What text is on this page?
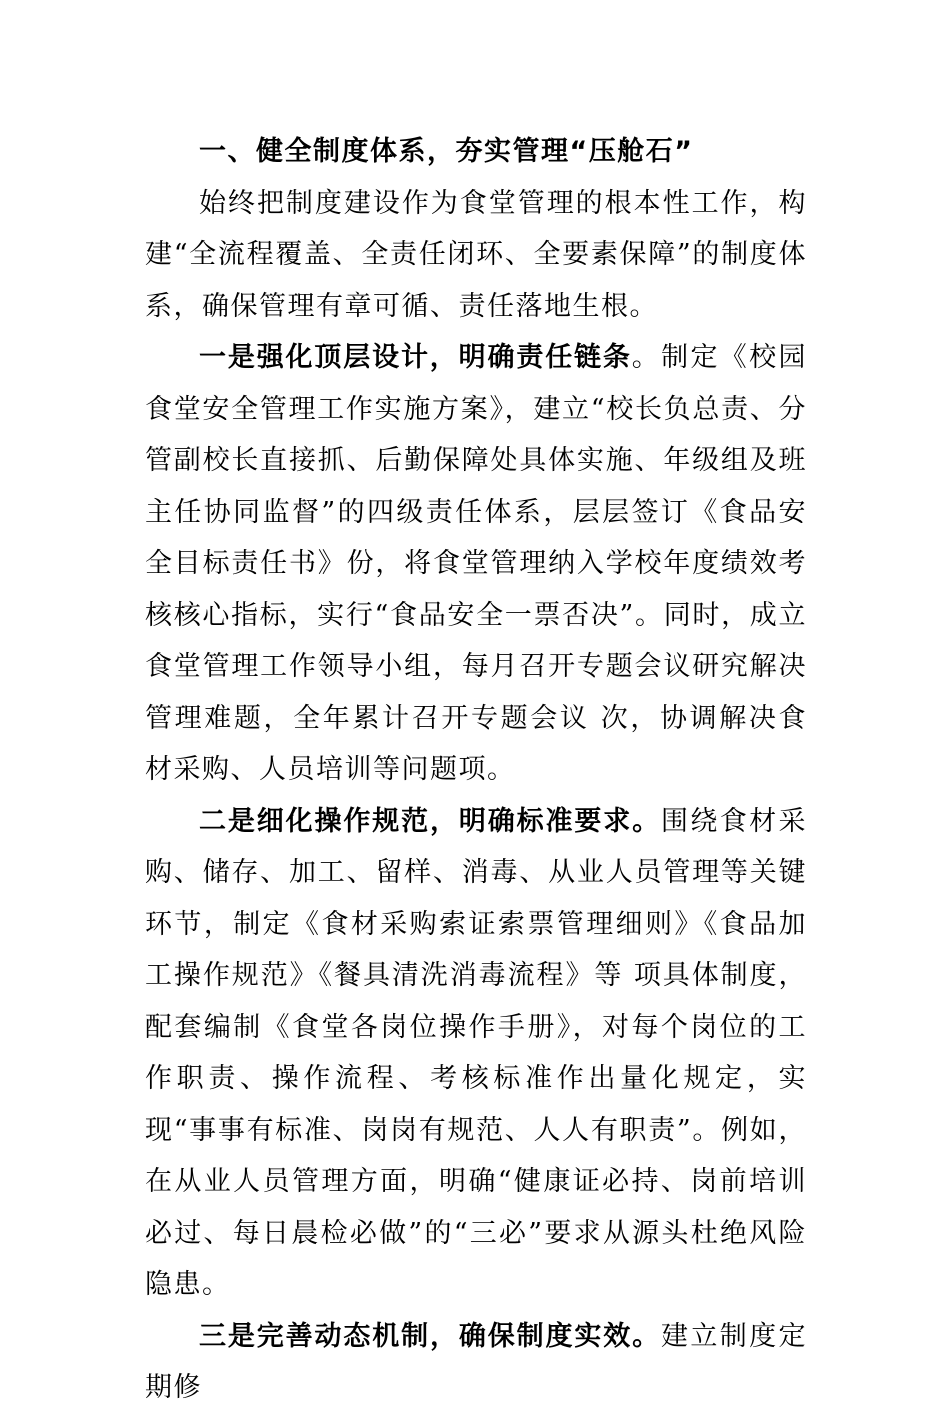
一、健全制度体系，夯实管理“压舱石”

始终把制度建设作为食堂管理的根本性工作，构建“全流程覆盖、全责任闭环、全要素保障”的制度体系，确保管理有章可循、责任落地生根。

一是强化顶层设计，明确责任链条。制定《校园食堂安全管理工作实施方案》，建立“校长负总责、分管副校长直接抓、后勤保障处具体实施、年级组及班主任协同监督”的四级责任体系，层层签订《食品安全目标责任书》份，将食堂管理纳入学校年度绩效考核核心指标，实行“食品安全一票否决”。同时，成立食堂管理工作领导小组，每月召开专题会议研究解决管理难题，全年累计召开专题会议 次，协调解决食材采购、人员培训等问题项。

二是细化操作规范，明确标准要求。围绕食材采购、储存、加工、留样、消毒、从业人员管理等关键环节，制定《食材采购索证索票管理细则》《食品加工操作规范》《餐具清洗消毒流程》等 项具体制度，配套编制《食堂各岗位操作手册》，对每个岗位的工作职责、操作流程、考核标准作出量化规定，实现“事事有标准、岗岗有规范、人人有职责”。例如，在从业人员管理方面，明确“健康证必持、岗前培训必过、每日晨检必做”的“三必”要求从源头杜绝风险隐患。

三是完善动态机制，确保制度实效。建立制度定期修
